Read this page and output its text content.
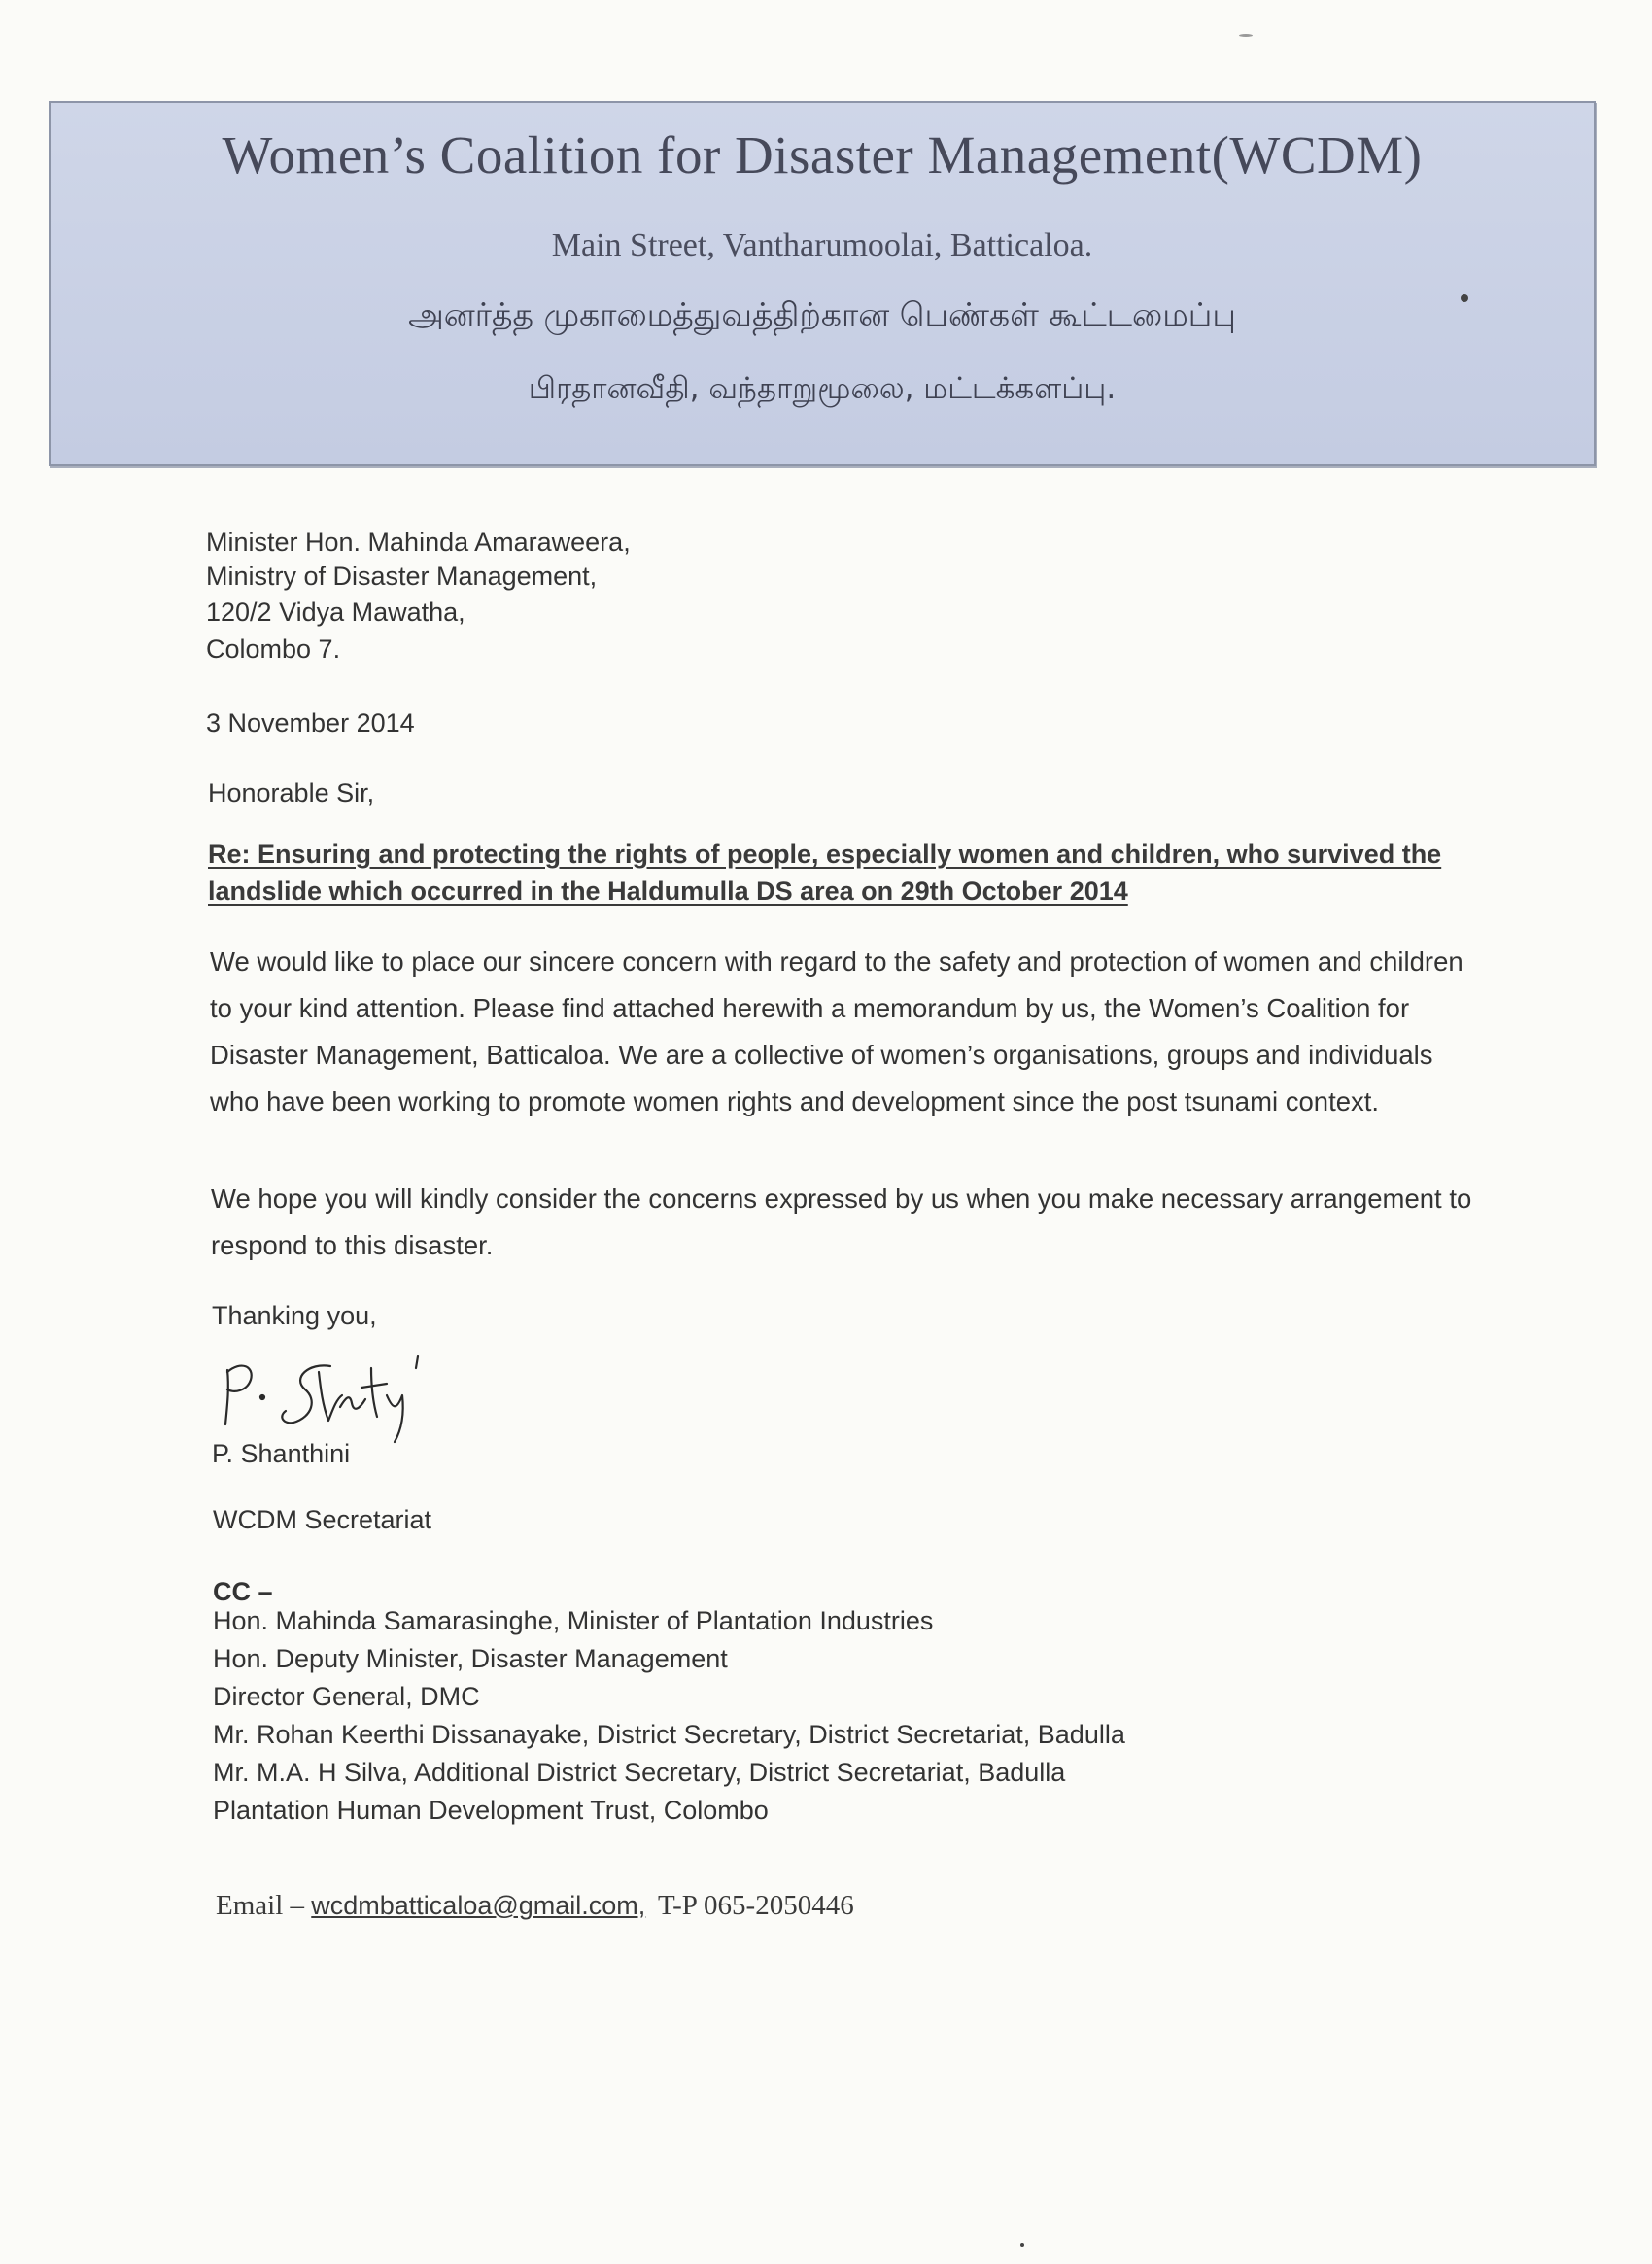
Women’s Coalition for Disaster Management(WCDM)
Main Street, Vantharumoolai, Batticaloa.
அனர்த்த முகாமைத்துவத்திற்கான பெண்கள் கூட்டமைப்பு
பிரதானவீதி, வந்தாறுமூலை, மட்டக்களப்பு.
Minister Hon. Mahinda Amaraweera,
Ministry of Disaster Management,
120/2 Vidya Mawatha,
Colombo 7.
3 November 2014
Honorable Sir,
Re: Ensuring and protecting the rights of people, especially women and children, who survived the landslide which occurred in the Haldumulla DS area on 29th October 2014
We would like to place our sincere concern with regard to the safety and protection of women and children to your kind attention. Please find attached herewith a memorandum by us, the Women’s Coalition for Disaster Management, Batticaloa. We are a collective of women’s organisations, groups and individuals who have been working to promote women rights and development since the post tsunami context.
We hope you will kindly consider the concerns expressed by us when you make necessary arrangement to respond to this disaster.
Thanking you,
P. Shanthini
WCDM Secretariat
CC –
Hon. Mahinda Samarasinghe, Minister of Plantation Industries
Hon. Deputy Minister, Disaster Management
Director General, DMC
Mr. Rohan Keerthi Dissanayake, District Secretary, District Secretariat, Badulla
Mr. M.A. H Silva, Additional District Secretary, District Secretariat, Badulla
Plantation Human Development Trust, Colombo
Email – wcdmbatticaloa@gmail.com, T-P 065-2050446
